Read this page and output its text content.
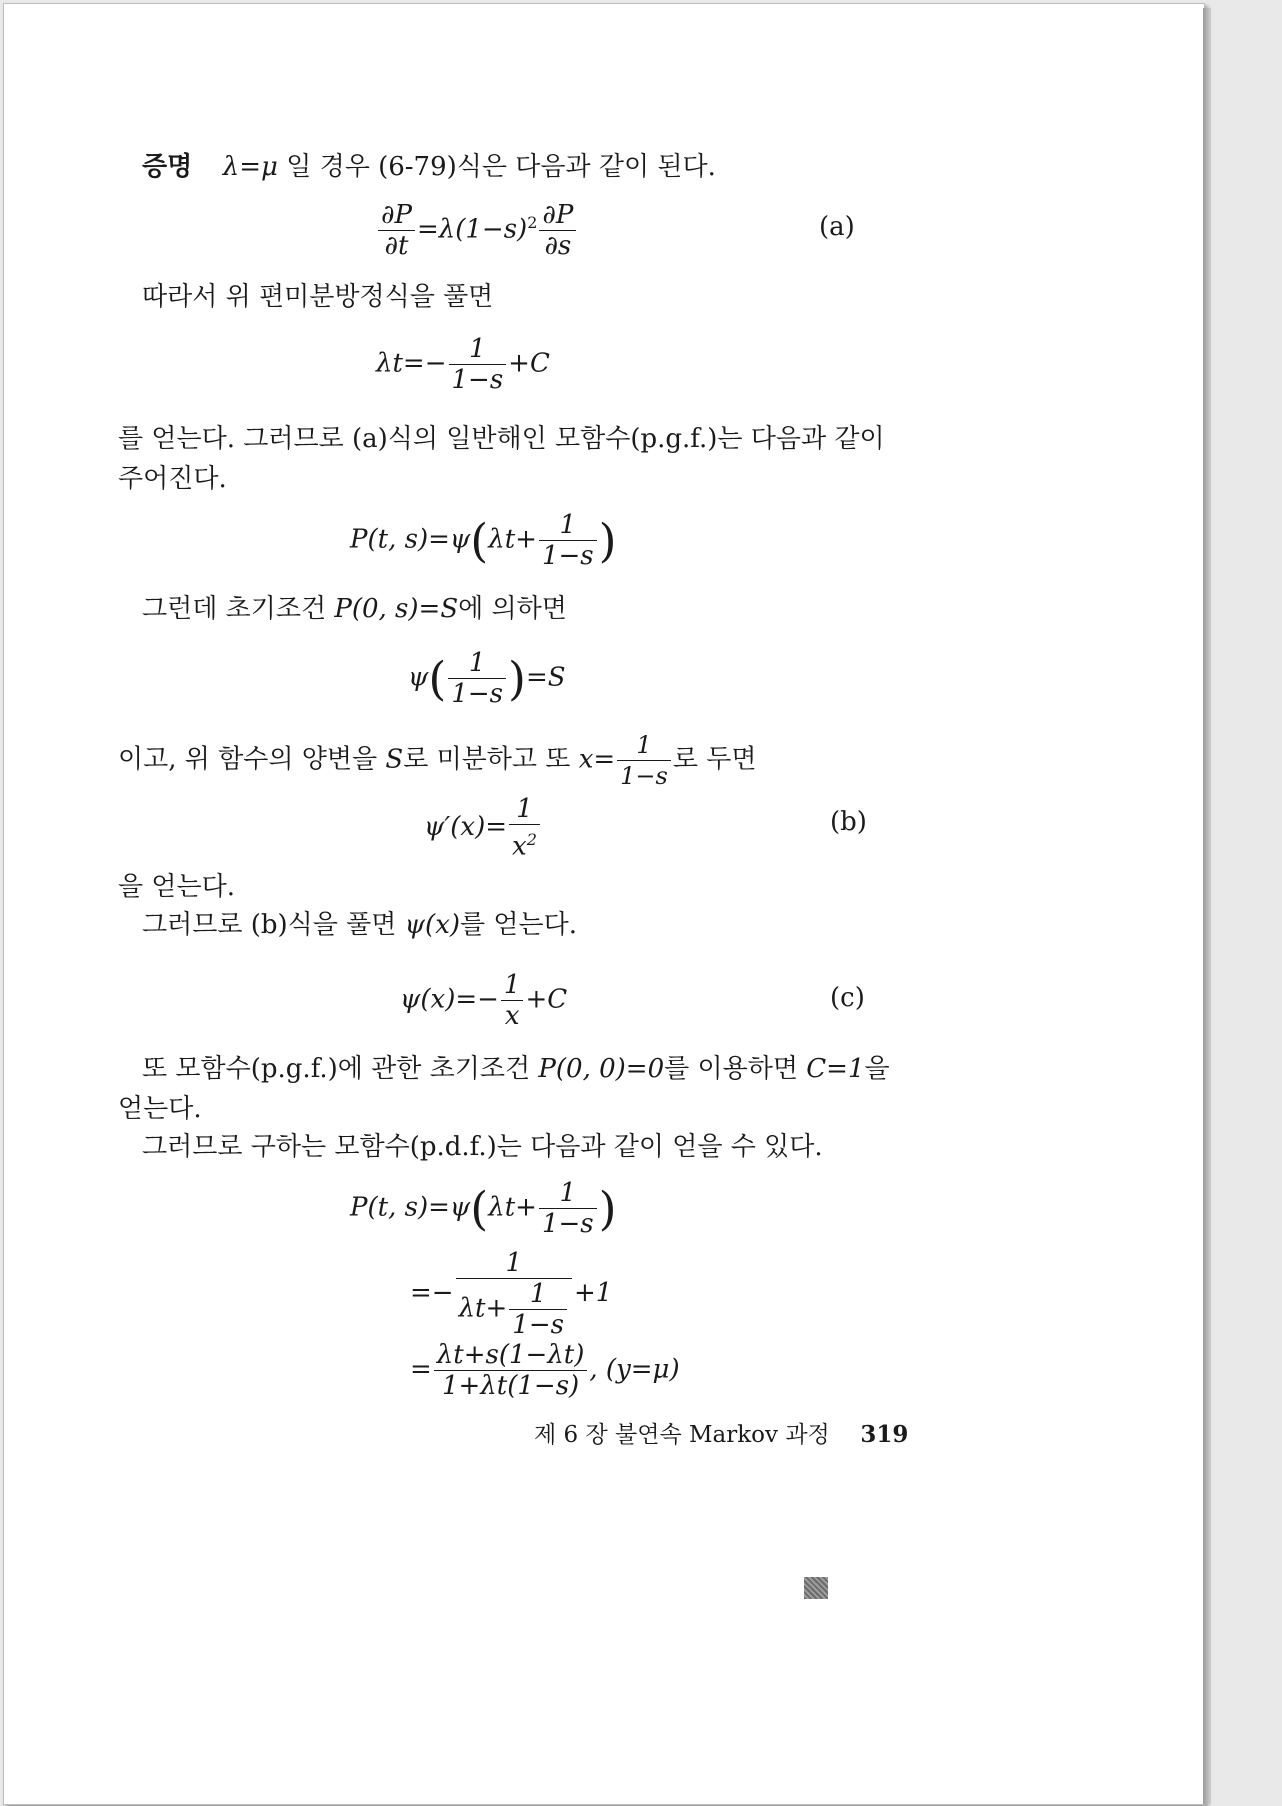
증명 λ=μ 일 경우 (6-79)식은 다음과 같이 된다.
$\frac{\partial P}{\partial t} =\lambda(1-s)^2 \frac{\partial P}{\partial s}$	(a)
따라서 위 편미분방정식을 풀면
$\lambda t=- \frac{1}{1-s} +C$
를 얻는다. 그러므로 (a)식의 일반해인 모함수(p.g.f.)는 다음과 같이
주어진다.
P(t, $s)=\psi(\lambda t+ \frac{1}{1-s}$ )
그런데 초기조건 P(0, s)=S에 의하면
$\psi( \frac{1}{1-s} )=S$
이고, 위 함수의 양변을 S로 미분하고 또 $x= \frac{1}{1-s}$ 로 두면
$\psi'(x)= \frac{1}{x^2}$	(b)
을 얻는다.
그러므로 (b)식을 풀면 ψ(x)를 얻는다.
$\psi(x)=- \frac{1}{x} +C$	(c)
또 모함수(p.g.f.)에 관한 초기조건 P(0, 0)=0를 이용하면 C=1을
얻는다.
그러므로 구하는 모함수(p.d.f.)는 다음과 같이 얻을 수 있다.
P(t, $s)=\psi(\lambda t+ \frac{1}{1-s}$ )
=− $\frac{1}{\lambda t+ \frac{1}{1-s}} +1$
= $\frac{\lambda t+s(1-\lambda t)}{1+\lambda t(1-s)}$ , (y=μ)
제 6 장 불연속 Markov 과정 319
